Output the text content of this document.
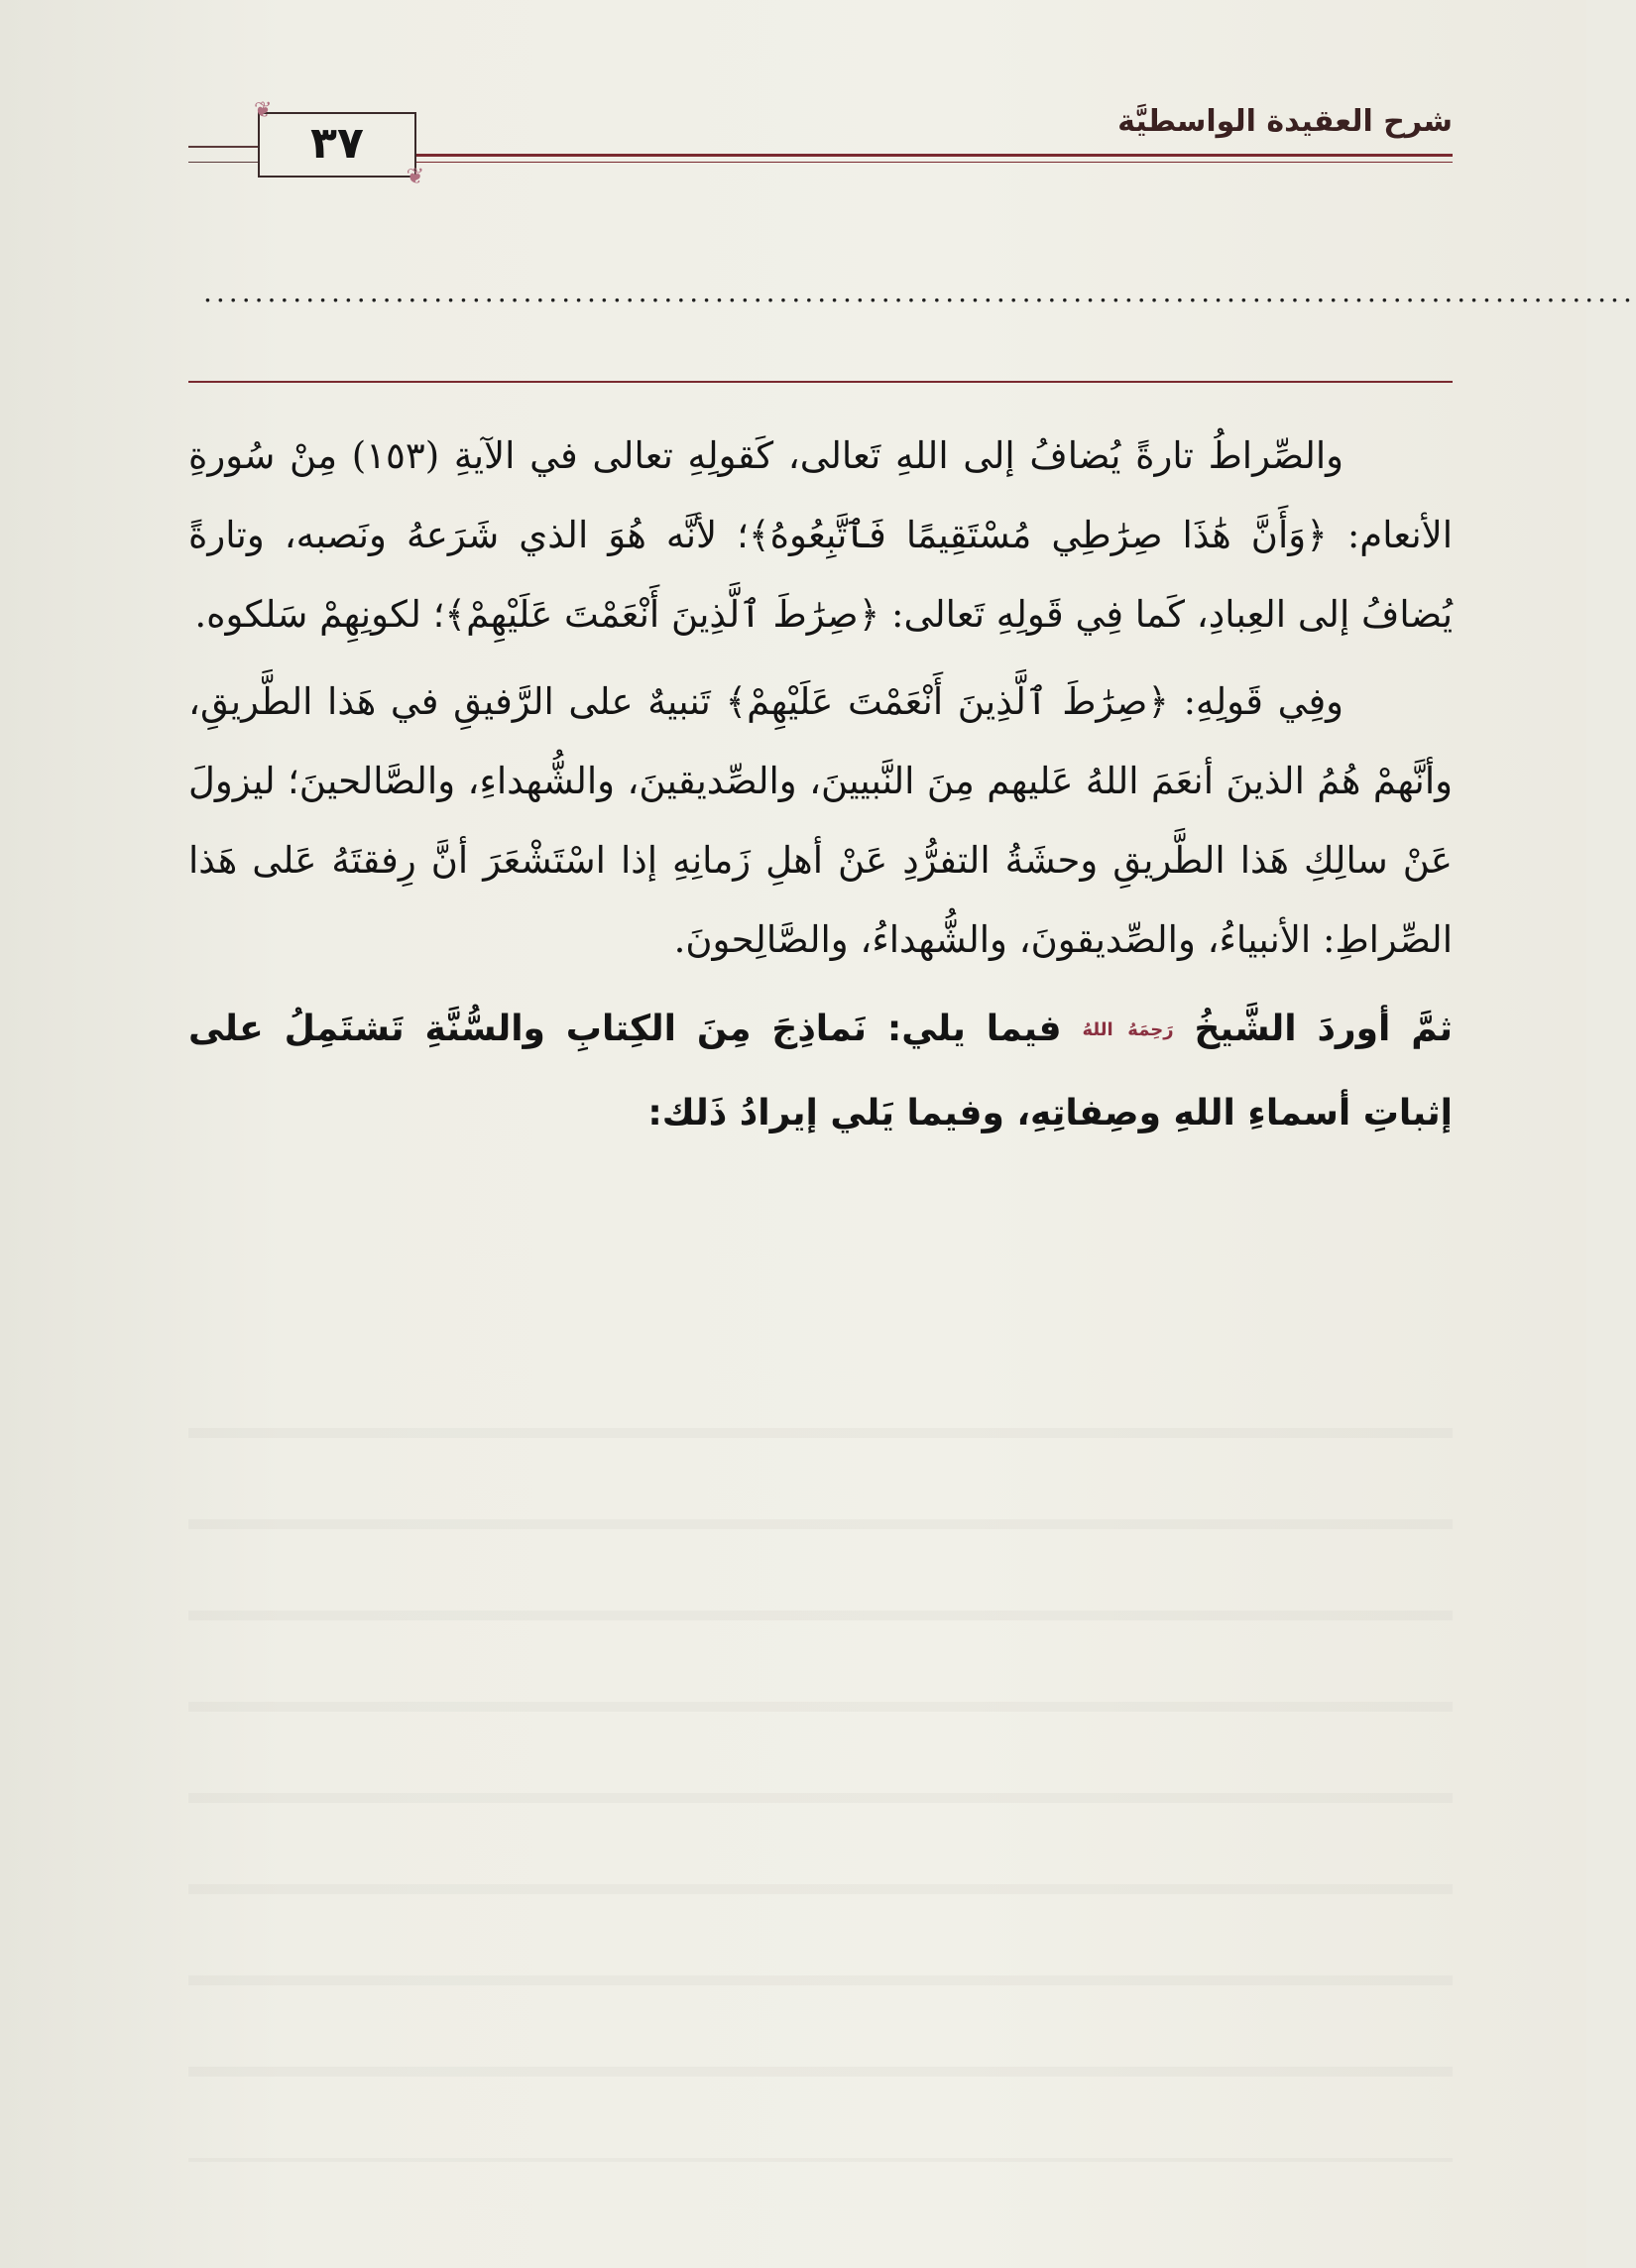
❦
❦
٣٧	شرح العقيدة الواسطيَّة
................................................................................................................

والصِّراطُ تارةً يُضافُ إلى اللهِ تَعالى، كَقولِهِ تعالى في الآيةِ (١٥٣) مِنْ سُورةِ الأنعام: ﴿وَأَنَّ هَٰذَا صِرَٰطِي مُسْتَقِيمًا فَٱتَّبِعُوهُ﴾؛ لأنَّه هُوَ الذي شَرَعهُ ونَصبه، وتارةً يُضافُ إلى العِبادِ، كَما فِي قَولِهِ تَعالى: ﴿صِرَٰطَ ٱلَّذِينَ أَنْعَمْتَ عَلَيْهِمْ﴾؛ لكونِهِمْ سَلكوه.

وفِي قَولِهِ: ﴿صِرَٰطَ ٱلَّذِينَ أَنْعَمْتَ عَلَيْهِمْ﴾ تَنبيهٌ على الرَّفيقِ في هَذا الطَّريقِ، وأنَّهمْ هُمُ الذينَ أنعَمَ اللهُ عَليهم مِنَ النَّبيينَ، والصِّديقينَ، والشُّهداءِ، والصَّالحينَ؛ ليزولَ عَنْ سالِكِ هَذا الطَّريقِ وحشَةُ التفرُّدِ عَنْ أهلِ زَمانِهِ إذا اسْتَشْعَرَ أنَّ رِفقتَهُ عَلى هَذا الصِّراطِ: الأنبياءُ، والصِّديقونَ، والشُّهداءُ، والصَّالِحونَ.

ثمَّ أوردَ الشَّيخُ رَحِمَهُ اللهُ فيما يلي: نَماذِجَ مِنَ الكِتابِ والسُّنَّةِ تَشتَمِلُ على إثباتِ أسماءِ اللهِ وصِفاتِهِ، وفيما يَلي إيرادُ ذَلك:
